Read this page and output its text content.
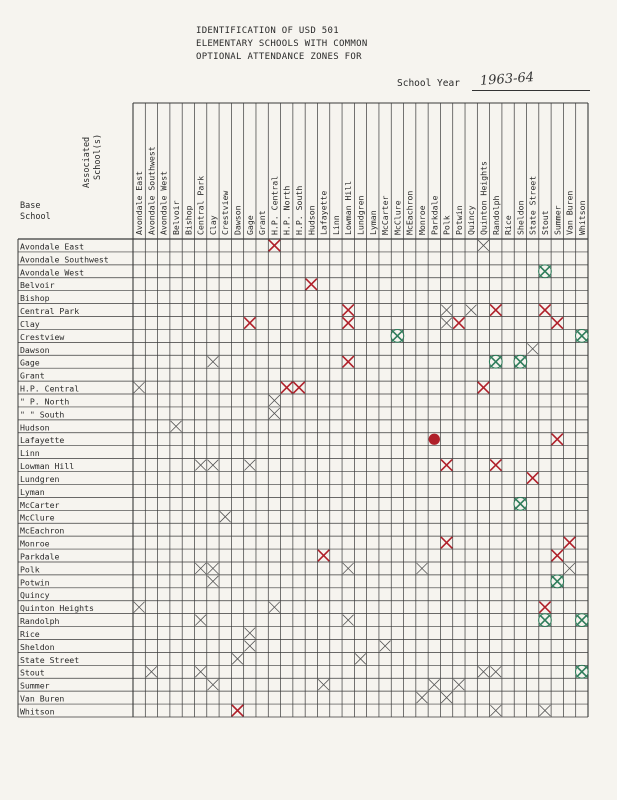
IDENTIFICATION OF USD 501
ELEMENTARY SCHOOLS WITH COMMON
OPTIONAL ATTENDANCE ZONES FOR
School Year 1963-64
Associated School(s)
Base
School	Avondale East Avondale Southwest Avondale West Belvoir Bishop Central Park Clay Crestview Dawson Gage Grant H.P. Central H.P. North H.P. South Hudson Lafayette Linn Lowman Hill Lundgren Lyman McCarter McClure McEachron Monroe Parkdale Polk Potwin Quincy Quinton Heights Randolph Rice Sheldon State Street Stout Summer Van Buren Whitson
Avondale East
Avondale Southwest
Avondale West
Belvoir
Bishop
Central Park
Clay
Crestview
Dawson
Gage
Grant
H.P. Central
" P. North
" " South
Hudson
Lafayette
Linn
Lowman Hill
Lundgren
Lyman
McCarter
McClure
McEachron
Monroe
Parkdale
Polk
Potwin
Quincy
Quinton Heights
Randolph
Rice
Sheldon
State Street
Stout
Summer
Van Buren
Whitson
